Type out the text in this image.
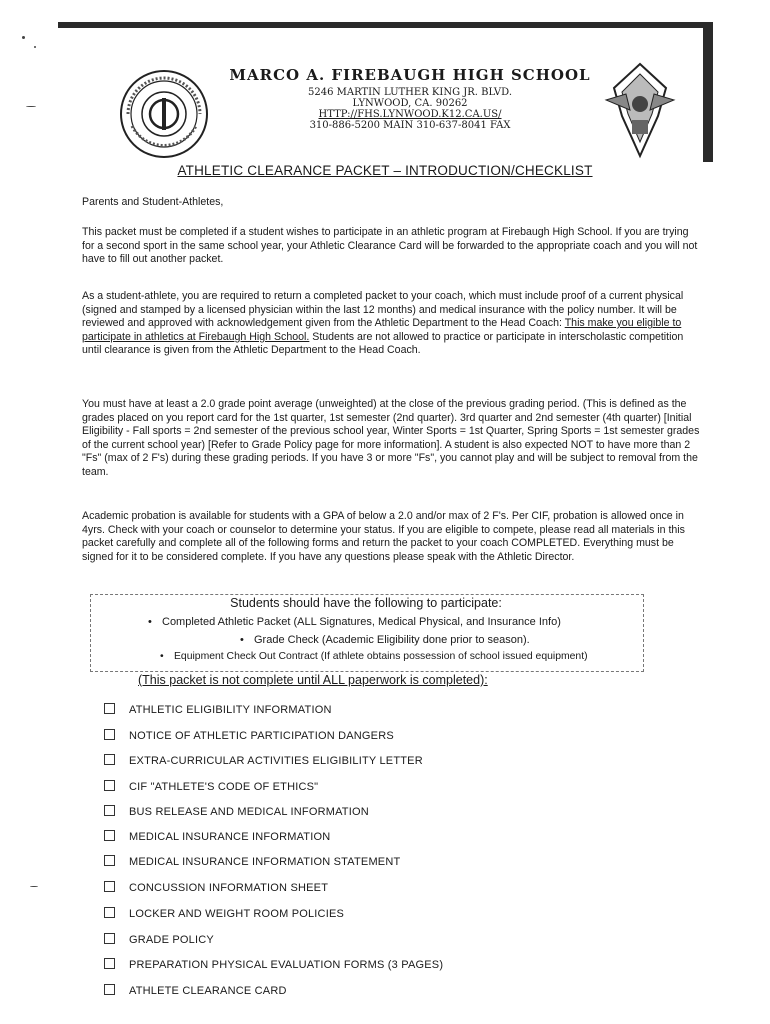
MARCO A. FIREBAUGH HIGH SCHOOL
5246 MARTIN LUTHER KING JR. BLVD.
LYNWOOD, CA. 90262
HTTP://FHS.LYNWOOD.K12.CA.US/
310-886-5200 MAIN 310-637-8041 FAX
ATHLETIC CLEARANCE PACKET – INTRODUCTION/CHECKLIST

Parents and Student-Athletes,

This packet must be completed if a student wishes to participate in an athletic program at Firebaugh High School. If you are trying for a second sport in the same school year, your Athletic Clearance Card will be forwarded to the appropriate coach and you will not have to fill out another packet.

As a student-athlete, you are required to return a completed packet to your coach, which must include proof of a current physical (signed and stamped by a licensed physician within the last 12 months) and medical insurance with the policy number. It will be reviewed and approved with acknowledgement given from the Athletic Department to the Head Coach: This make you eligible to participate in athletics at Firebaugh High School. Students are not allowed to practice or participate in interscholastic competition until clearance is given from the Athletic Department to the Head Coach.

You must have at least a 2.0 grade point average (unweighted) at the close of the previous grading period. (This is defined as the grades placed on you report card for the 1st quarter, 1st semester (2nd quarter). 3rd quarter and 2nd semester (4th quarter) [Initial Eligibility - Fall sports = 2nd semester of the previous school year, Winter Sports = 1st Quarter, Spring Sports = 1st semester grades of the current school year) [Refer to Grade Policy page for more information]. A student is also expected NOT to have more than 2 "Fs" (max of 2 F's) during these grading periods. If you have 3 or more "Fs", you cannot play and will be subject to removal from the team.

Academic probation is available for students with a GPA of below a 2.0 and/or max of 2 F's. Per CIF, probation is allowed once in 4yrs. Check with your coach or counselor to determine your status. If you are eligible to compete, please read all materials in this packet carefully and complete all of the following forms and return the packet to your coach COMPLETED. Everything must be signed for it to be considered complete. If you have any questions please speak with the Athletic Director.

Students should have the following to participate:
• Completed Athletic Packet (ALL Signatures, Medical Physical, and Insurance Info)
• Grade Check (Academic Eligibility done prior to season).
• Equipment Check Out Contract (If athlete obtains possession of school issued equipment)
(This packet is not complete until ALL paperwork is completed):
ATHLETIC ELIGIBILITY INFORMATION
NOTICE OF ATHLETIC PARTICIPATION DANGERS
EXTRA-CURRICULAR ACTIVITIES ELIGIBILITY LETTER
CIF "ATHLETE'S CODE OF ETHICS"
BUS RELEASE AND MEDICAL INFORMATION
MEDICAL INSURANCE INFORMATION
MEDICAL INSURANCE INFORMATION STATEMENT
CONCUSSION INFORMATION SHEET
LOCKER AND WEIGHT ROOM POLICIES
GRADE POLICY
PREPARATION PHYSICAL EVALUATION FORMS (3 PAGES)
ATHLETE CLEARANCE CARD
